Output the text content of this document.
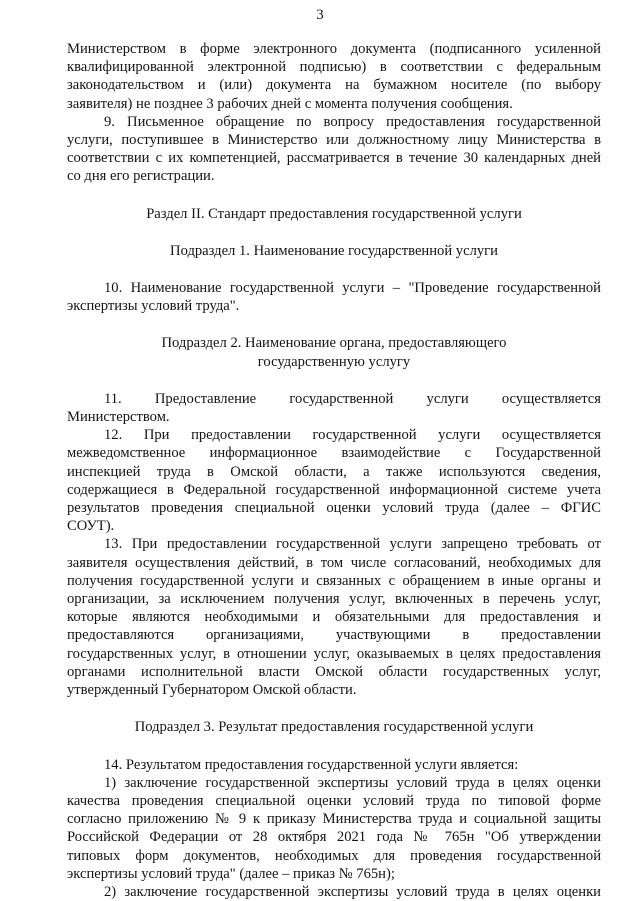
3

Министерством в форме электронного документа (подписанного усиленной

квалифицированной электронной подписью) в соответствии с федеральным

законодательством и (или) документа на бумажном носителе (по выбору

заявителя) не позднее 3 рабочих дней с момента получения сообщения.

9. Письменное обращение по вопросу предоставления государственной

услуги, поступившее в Министерство или должностному лицу Министерства в

соответствии с их компетенцией, рассматривается в течение 30 календарных дней

со дня его регистрации.

Раздел II. Стандарт предоставления государственной услуги

Подраздел 1. Наименование государственной услуги

10. Наименование государственной услуги – "Проведение государственной

экспертизы условий труда".

Подраздел 2. Наименование органа, предоставляющего

государственную услугу

11. Предоставление государственной услуги осуществляется

Министерством.

12. При предоставлении государственной услуги осуществляется

межведомственное информационное взаимодействие с Государственной

инспекцией труда в Омской области, а также используются сведения,

содержащиеся в Федеральной государственной информационной системе учета

результатов проведения специальной оценки условий труда (далее – ФГИС

СОУТ).

13. При предоставлении государственной услуги запрещено требовать от

заявителя осуществления действий, в том числе согласований, необходимых для

получения государственной услуги и связанных с обращением в иные органы и

организации, за исключением получения услуг, включенных в перечень услуг,

которые являются необходимыми и обязательными для предоставления и

предоставляются организациями, участвующими в предоставлении

государственных услуг, в отношении услуг, оказываемых в целях предоставления

органами исполнительной власти Омской области государственных услуг,

утвержденный Губернатором Омской области.

Подраздел 3. Результат предоставления государственной услуги

14. Результатом предоставления государственной услуги является:

1) заключение государственной экспертизы условий труда в целях оценки

качества проведения специальной оценки условий труда по типовой форме

согласно приложению № 9 к приказу Министерства труда и социальной защиты

Российской Федерации от 28 октября 2021 года № 765н "Об утверждении

типовых форм документов, необходимых для проведения государственной

экспертизы условий труда" (далее – приказ № 765н);

2) заключение государственной экспертизы условий труда в целях оценки
